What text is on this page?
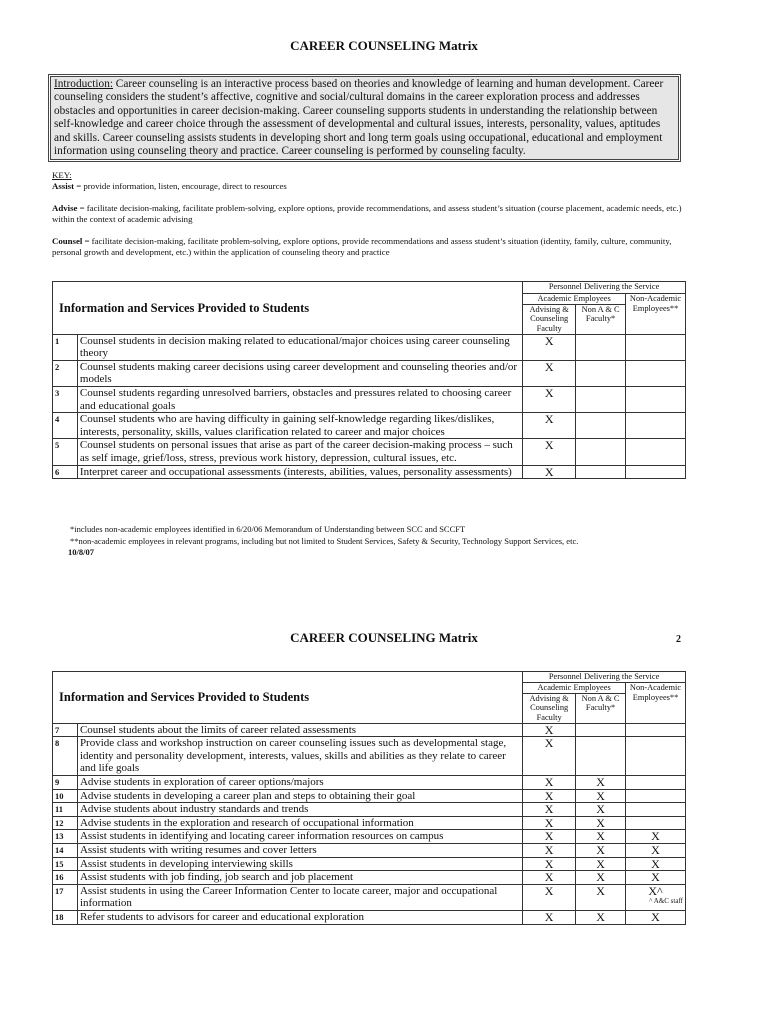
CAREER COUNSELING Matrix
Introduction: Career counseling is an interactive process based on theories and knowledge of learning and human development. Career counseling considers the student’s affective, cognitive and social/cultural domains in the career exploration process and addresses obstacles and opportunities in career decision-making. Career counseling supports students in understanding the relationship between self-knowledge and career choice through the assessment of developmental and cultural issues, interests, personality, values, aptitudes and skills. Career counseling assists students in developing short and long term goals using occupational, educational and employment information using counseling theory and practice. Career counseling is performed by counseling faculty.

KEY:

Assist = provide information, listen, encourage, direct to resources

Advise = facilitate decision-making, facilitate problem-solving, explore options, provide recommendations, and assess student’s situation (course placement, academic needs, etc.) within the context of academic advising

Counsel = facilitate decision-making, facilitate problem-solving, explore options, provide recommendations and assess student’s situation (identity, family, culture, community, personal growth and development, etc.) within the application of counseling theory and practice

Information and Services Provided to Students		Personnel Delivering the Service		
		Academic Employees		Non-Academic Employees**
		Advising & Counseling Faculty	Non A & C Faculty*	
1	Counsel students in decision making related to educational/major choices using career counseling theory	X		
2	Counsel students making career decisions using career development and counseling theories and/or models	X		
3	Counsel students regarding unresolved barriers, obstacles and pressures related to choosing career and educational goals	X		
4	Counsel students who are having difficulty in gaining self-knowledge regarding likes/dislikes, interests, personality, skills, values clarification related to career and major choices	X		
5	Counsel students on personal issues that arise as part of the career decision-making process – such as self image, grief/loss, stress, previous work history, depression, cultural issues, etc.	X		
6	Interpret career and occupational assessments (interests, abilities, values, personality assessments)	X		

*includes non-academic employees identified in 6/20/06 Memorandum of Understanding between SCC and SCCFT

**non-academic employees in relevant programs, including but not limited to Student Services, Safety & Security, Technology Support Services, etc.

10/8/07
CAREER COUNSELING Matrix	2
Information and Services Provided to Students		Personnel Delivering the Service		
		Academic Employees		Non-Academic Employees**
		Advising & Counseling Faculty	Non A & C Faculty*	
7	Counsel students about the limits of career related assessments	X		
8	Provide class and workshop instruction on career counseling issues such as developmental stage, identity and personality development, interests, values, skills and abilities as they relate to career and life goals	X		
9	Advise students in exploration of career options/majors	X	X	
10	Advise students in developing a career plan and steps to obtaining their goal	X	X	
11	Advise students about industry standards and trends	X	X	
12	Advise students in the exploration and research of occupational information	X	X	
13	Assist students in identifying and locating career information resources on campus	X	X	X
14	Assist students with writing resumes and cover letters	X	X	X
15	Assist students in developing interviewing skills	X	X	X
16	Assist students with job finding, job search and job placement	X	X	X
17	Assist students in using the Career Information Center to locate career, major and occupational information	X	X	X^
^ A&C staff

18	Refer students to advisors for career and educational exploration	X	X	X
